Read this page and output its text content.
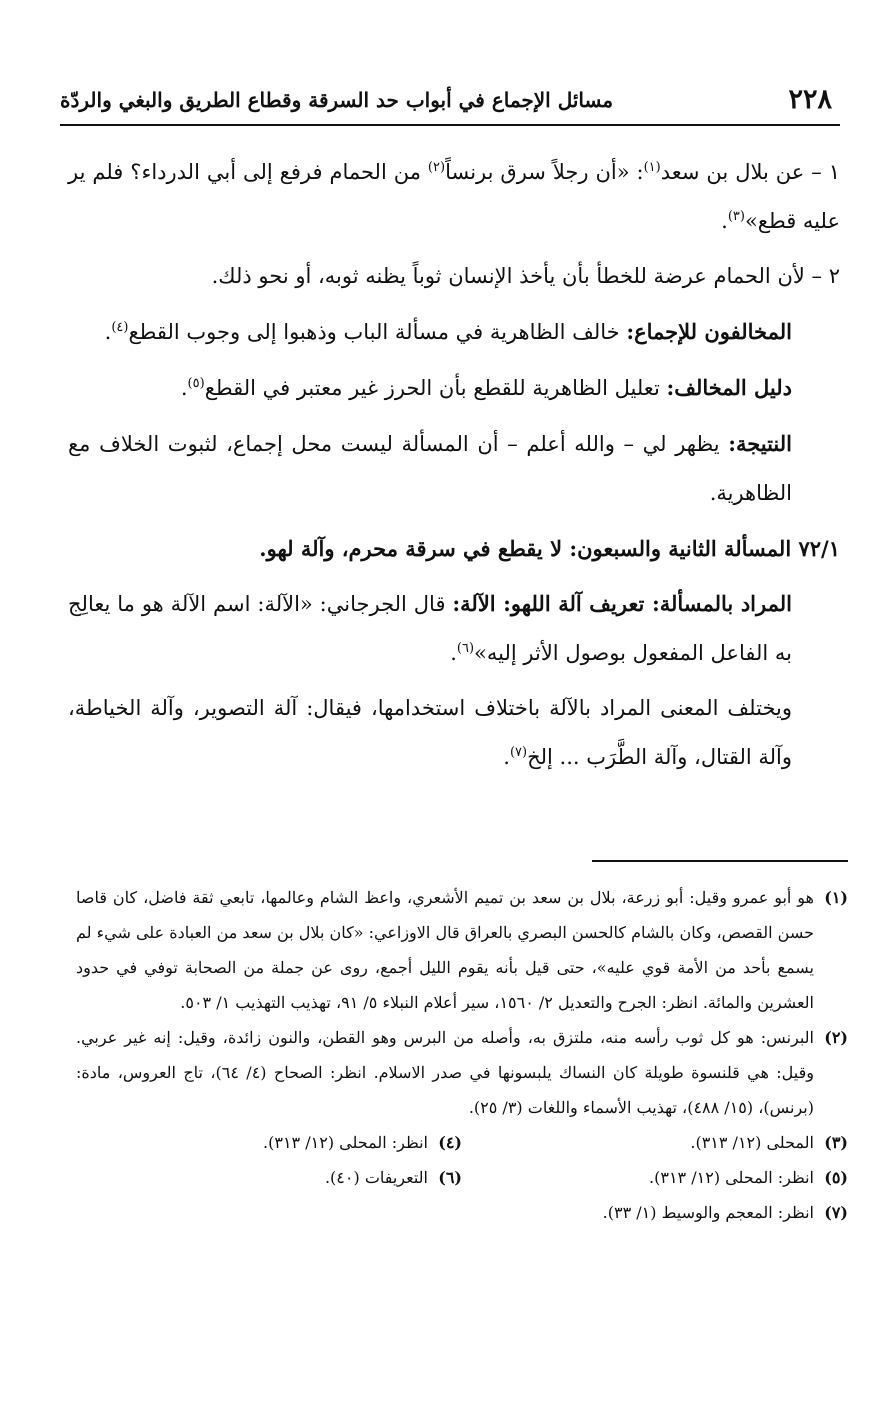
٢٢٨
مسائل الإجماع في أبواب حد السرقة وقطاع الطريق والبغي والردّة

١ – عن بلال بن سعد$^{(١)}$: «أن رجلاً سرق برنساً$^{(٢)}$ من الحمام فرفع إلى أبي الدرداء؟ فلم ير عليه قطع»$^{(٣)}$.

٢ – لأن الحمام عرضة للخطأ بأن يأخذ الإنسان ثوباً يظنه ثوبه، أو نحو ذلك.

المخالفون للإجماع: خالف الظاهرية في مسألة الباب وذهبوا إلى وجوب القطع$^{(٤)}$.

دليل المخالف: تعليل الظاهرية للقطع بأن الحرز غير معتبر في القطع$^{(٥)}$.

النتيجة: يظهر لي – والله أعلم – أن المسألة ليست محل إجماع، لثبوت الخلاف مع الظاهرية.

٧٢/١ المسألة الثانية والسبعون: لا يقطع في سرقة محرم، وآلة لهو.

المراد بالمسألة: تعريف آلة اللهو: الآلة: قال الجرجاني: «الآلة: اسم الآلة هو ما يعالِج به الفاعل المفعول بوصول الأثر إليه»$^{(٦)}$.

ويختلف المعنى المراد بالآلة باختلاف استخدامها، فيقال: آلة التصوير، وآلة الخياطة، وآلة القتال، وآلة الطَّرَب ... إلخ$^{(٧)}$.

(١)
هو أبو عمرو وقيل: أبو زرعة، بلال بن سعد بن تميم الأشعري، واعظ الشام وعالمها، تابعي ثقة فاضل، كان قاصا حسن القصص، وكان بالشام كالحسن البصري بالعراق قال الاوزاعي: «كان بلال بن سعد من العبادة على شيء لم يسمع بأحد من الأمة قوي عليه»، حتى قيل بأنه يقوم الليل أجمع، روى عن جملة من الصحابة توفي في حدود العشرين والمائة. انظر: الجرح والتعديل ٢/ ١٥٦٠، سير أعلام النبلاء ٥/ ٩١، تهذيب التهذيب ١/ ٥٠٣.
(٢)
البرنس: هو كل ثوب رأسه منه، ملتزق به، وأصله من البرس وهو القطن، والنون زائدة، وقيل: إنه غير عربي. وقيل: هي قلنسوة طويلة كان النساك يلبسونها في صدر الاسلام. انظر: الصحاح (٤/ ٦٤)، تاج العروس، مادة: (برنس)، (١٥/ ٤٨٨)، تهذيب الأسماء واللغات (٣/ ٢٥).
(٣)
المحلى (١٢/ ٣١٣).
(٤)
انظر: المحلى (١٢/ ٣١٣).
(٥)
انظر: المحلى (١٢/ ٣١٣).
(٦)
التعريفات (٤٠).
(٧)
انظر: المعجم والوسيط (١/ ٣٣).
